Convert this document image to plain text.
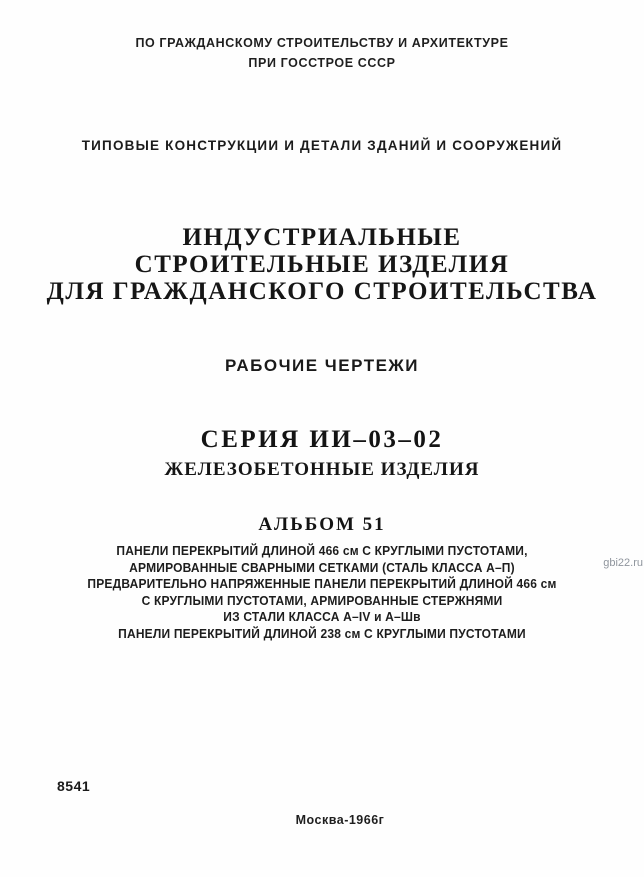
ПО ГРАЖДАНСКОМУ СТРОИТЕЛЬСТВУ И АРХИТЕКТУРЕ
ПРИ ГОССТРОЕ СССР
ТИПОВЫЕ КОНСТРУКЦИИ И ДЕТАЛИ ЗДАНИЙ И СООРУЖЕНИЙ
ИНДУСТРИАЛЬНЫЕ
СТРОИТЕЛЬНЫЕ ИЗДЕЛИЯ
ДЛЯ ГРАЖДАНСКОГО СТРОИТЕЛЬСТВА
РАБОЧИЕ ЧЕРТЕЖИ
СЕРИЯ ИИ–03–02
ЖЕЛЕЗОБЕТОННЫЕ ИЗДЕЛИЯ
АЛЬБОМ 51
ПАНЕЛИ ПЕРЕКРЫТИЙ ДЛИНОЙ 466 см С КРУГЛЫМИ ПУСТОТАМИ,
АРМИРОВАННЫЕ СВАРНЫМИ СЕТКАМИ (СТАЛЬ КЛАССА А–П)
ПРЕДВАРИТЕЛЬНО НАПРЯЖЕННЫЕ ПАНЕЛИ ПЕРЕКРЫТИЙ ДЛИНОЙ 466 см
С КРУГЛЫМИ ПУСТОТАМИ, АРМИРОВАННЫЕ СТЕРЖНЯМИ
ИЗ СТАЛИ КЛАССА А–IV и А–Шв
ПАНЕЛИ ПЕРЕКРЫТИЙ ДЛИНОЙ 238 см С КРУГЛЫМИ ПУСТОТАМИ
gbi22.ru
8541
Москва-1966г
